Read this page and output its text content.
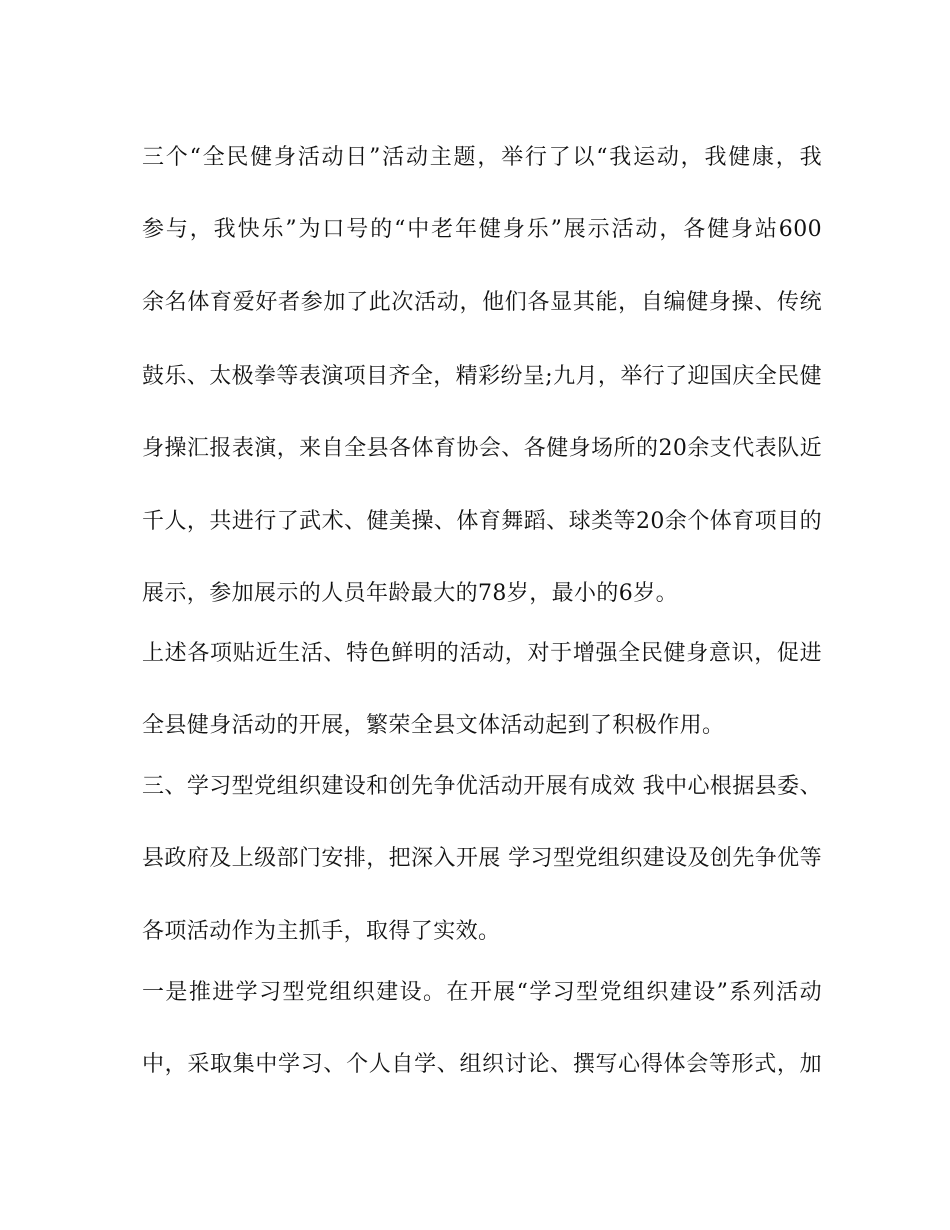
三个“全民健身活动日”活动主题，举行了以“我运动，我健康，我
参与，我快乐”为口号的“中老年健身乐”展示活动，各健身站600
余名体育爱好者参加了此次活动，他们各显其能，自编健身操、传统
鼓乐、太极拳等表演项目齐全，精彩纷呈;九月，举行了迎国庆全民健
身操汇报表演，来自全县各体育协会、各健身场所的20余支代表队近
千人，共进行了武术、健美操、体育舞蹈、球类等20余个体育项目的
展示，参加展示的人员年龄最大的78岁，最小的6岁。
上述各项贴近生活、特色鲜明的活动，对于增强全民健身意识，促进
全县健身活动的开展，繁荣全县文体活动起到了积极作用。
三、学习型党组织建设和创先争优活动开展有成效 我中心根据县委、
县政府及上级部门安排，把深入开展 学习型党组织建设及创先争优等
各项活动作为主抓手，取得了实效。
一是推进学习型党组织建设。在开展“学习型党组织建设”系列活动
中，采取集中学习、个人自学、组织讨论、撰写心得体会等形式，加
